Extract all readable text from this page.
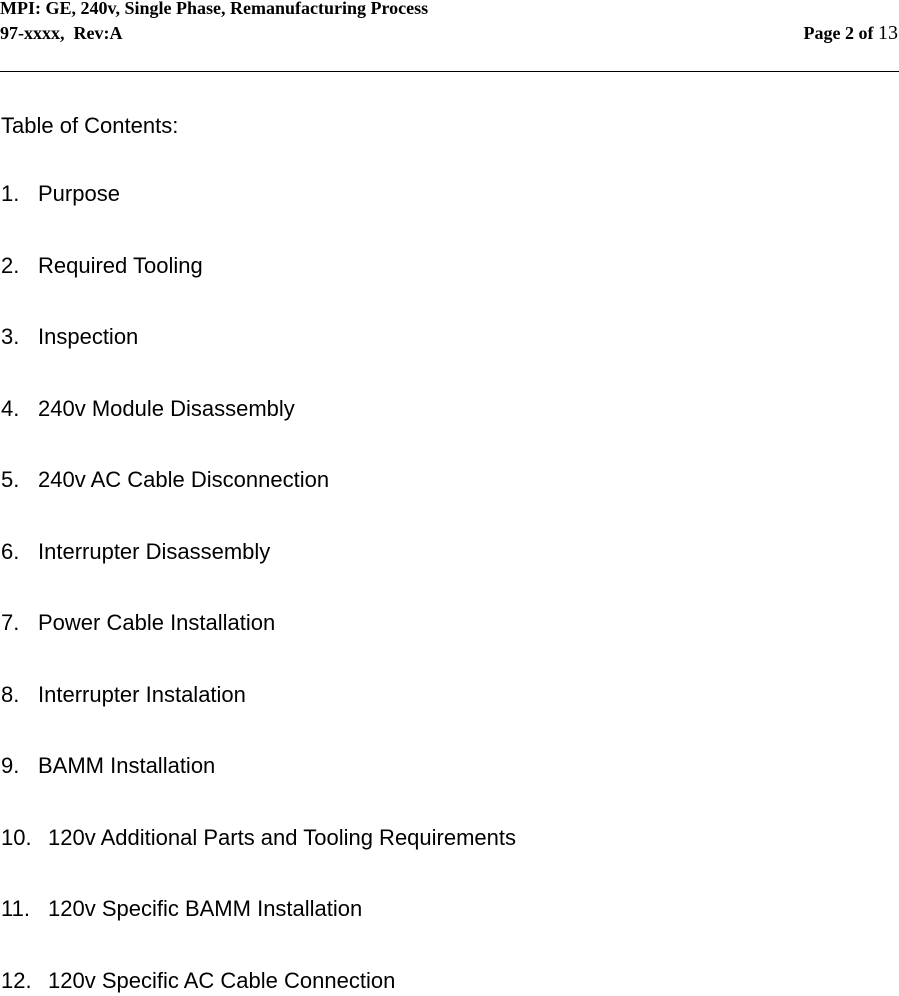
MPI: GE, 240v, Single Phase, Remanufacturing Process
97-xxxx,  Rev:A	Page 2 of 13
Table of Contents:
1. Purpose
2. Required Tooling
3. Inspection
4. 240v Module Disassembly
5. 240v AC Cable Disconnection
6. Interrupter Disassembly
7. Power Cable Installation
8. Interrupter Instalation
9. BAMM Installation
10. 120v Additional Parts and Tooling Requirements
11. 120v Specific BAMM Installation
12. 120v Specific AC Cable Connection
